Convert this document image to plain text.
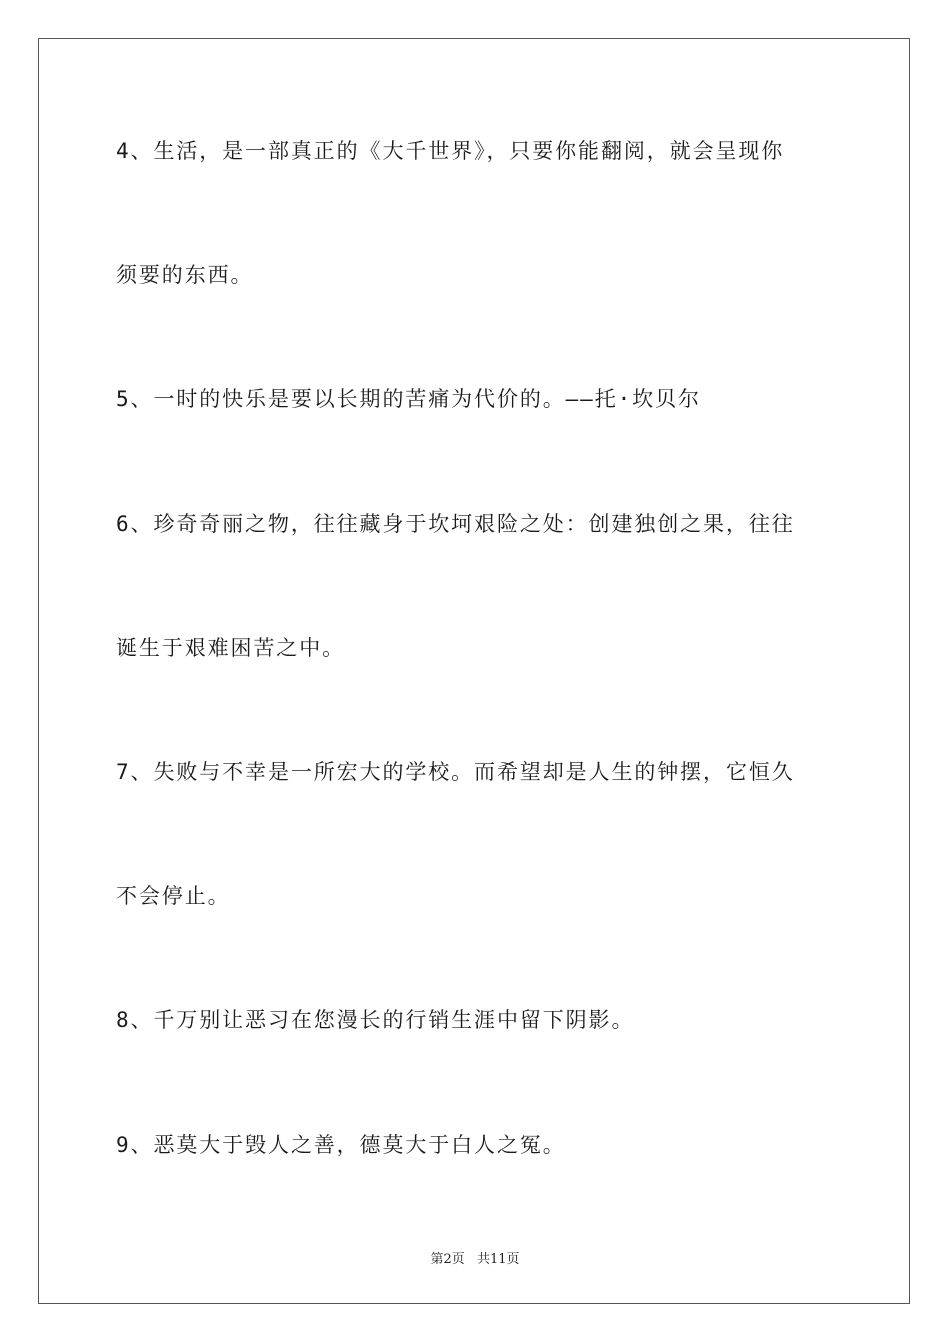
4、生活，是一部真正的《大千世界》，只要你能翻阅，就会呈现你
须要的东西。
5、一时的快乐是要以长期的苦痛为代价的。——托·坎贝尔
6、珍奇奇丽之物，往往藏身于坎坷艰险之处：创建独创之果，往往
诞生于艰难困苦之中。
7、失败与不幸是一所宏大的学校。而希望却是人生的钟摆，它恒久
不会停止。
8、千万别让恶习在您漫长的行销生涯中留下阴影。
9、恶莫大于毁人之善，德莫大于白人之冤。
第2页 共11页
